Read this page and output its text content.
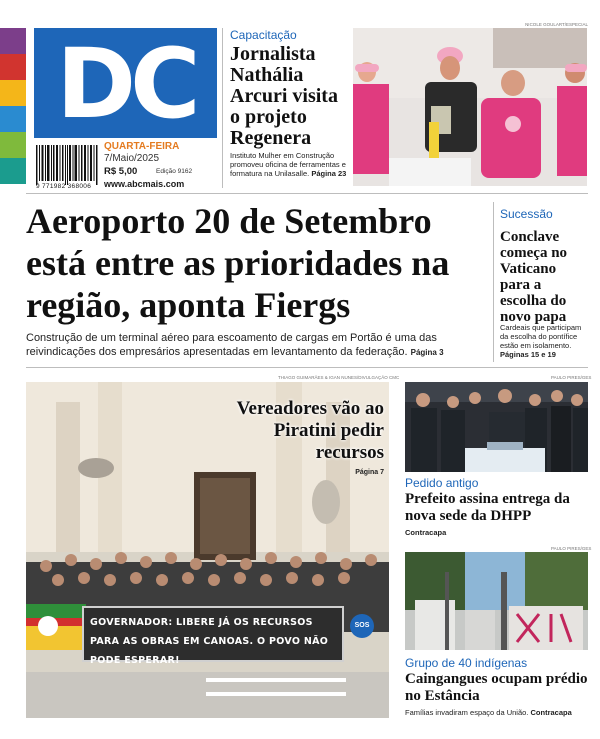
DC
QUARTA-FEIRA
7/Maio/2025
R$ 5,00	Edição 9162
www.abcmais.com
9 771982 368006
Capacitação
Jornalista Nathália Arcuri visita o projeto Regenera
Instituto Mulher em Construção promoveu oficina de ferramentas e formatura na Unilasalle. Página 23
NICOLE GOULART/ESPECIAL
Aeroporto 20 de Setembro está entre as prioridades na região, aponta Fiergs
Construção de um terminal aéreo para escoamento de cargas em Portão é uma das reivindicações dos empresários apresentadas em levantamento da federação. Página 3
Sucessão
Conclave começa no Vaticano para a escolha do novo papa
Cardeais que participam da escolha do pontífice estão em isolamento. Páginas 15 e 19
THIAGO GUIMARÃES & IGAN NUNES/DIVULGAÇÃO CMC
GOVERNADOR: LIBERE JÁ OS RECURSOS PARA AS OBRAS EM CANOAS. O POVO NÃO PODE ESPERAR!
SOS
Vereadores vão ao Piratini pedir recursos
Página 7
PAULO PIRES/GES
Pedido antigo
Prefeito assina entrega da nova sede da DHPP
Contracapa
PAULO PIRES/GES
Grupo de 40 indígenas
Caingangues ocupam prédio no Estância
Famílias invadiram espaço da União. Contracapa
